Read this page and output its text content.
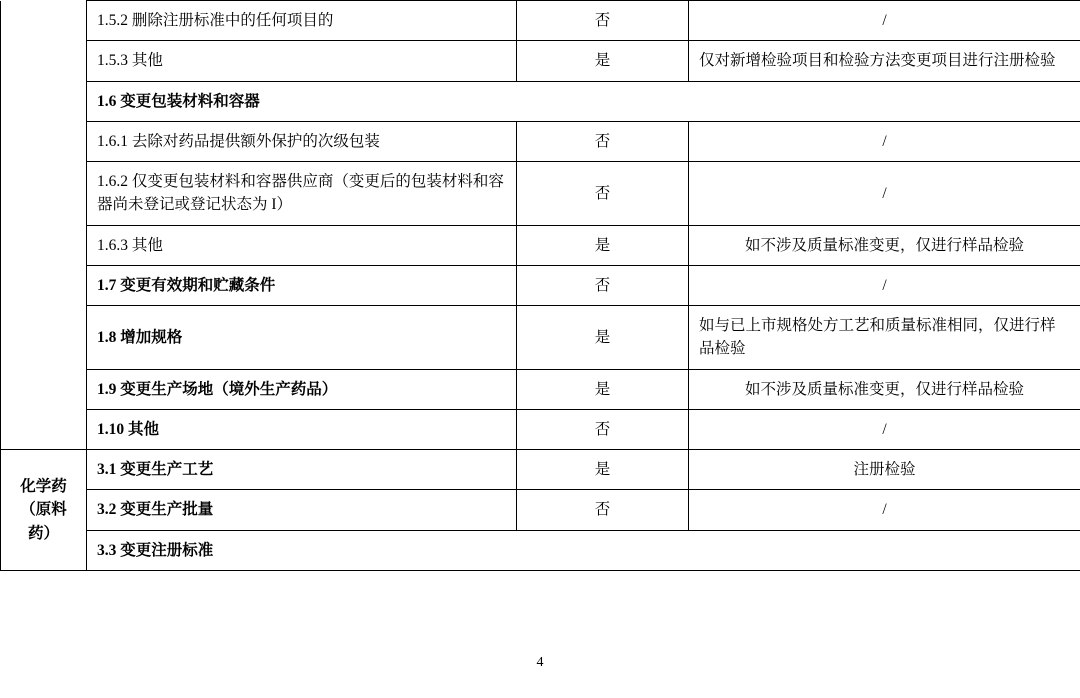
	1.5.2 删除注册标准中的任何项目的	否	/
	1.5.3 其他	是	仅对新增检验项目和检验方法变更项目进行注册检验
	1.6 变更包装材料和容器		
	1.6.1 去除对药品提供额外保护的次级包装	否	/
	1.6.2 仅变更包装材料和容器供应商（变更后的包装材料和容器尚未登记或登记状态为 I）	否	/
	1.6.3 其他	是	如不涉及质量标准变更，仅进行样品检验
	1.7 变更有效期和贮藏条件	否	/
	1.8 增加规格	是	如与已上市规格处方工艺和质量标准相同，仅进行样品检验
	1.9 变更生产场地（境外生产药品）	是	如不涉及质量标准变更，仅进行样品检验
	1.10 其他	否	/

化学药
（原料药）	3.1 变更生产工艺	是	注册检验
	3.2 变更生产批量	否	/
	3.3 变更注册标准		
4
